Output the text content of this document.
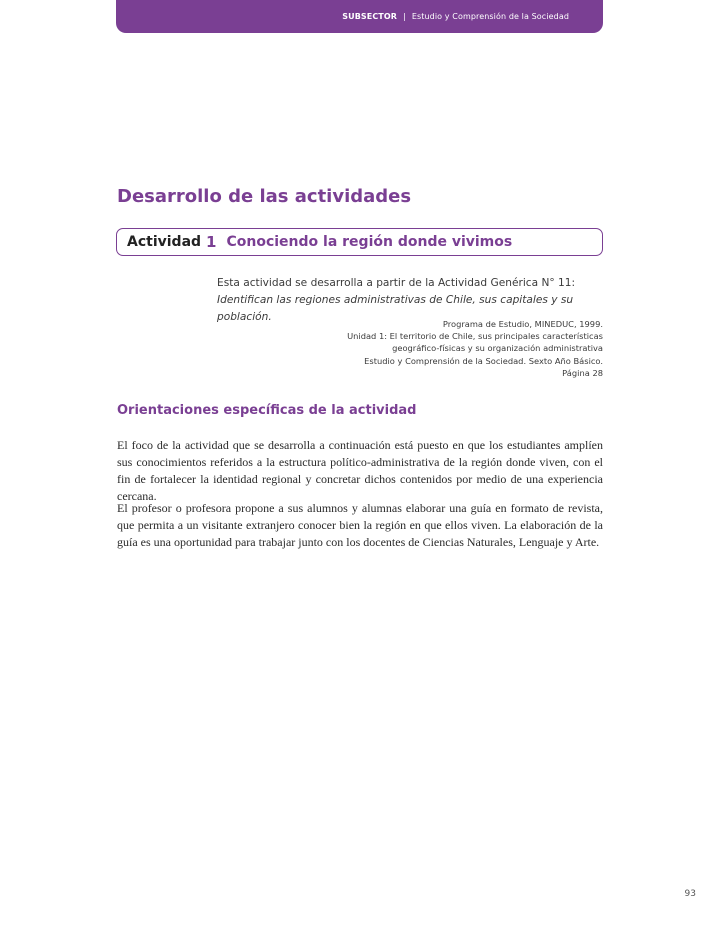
SUBSECTOR | Estudio y Comprensión de la Sociedad
Desarrollo de las actividades
Actividad 1 Conociendo la región donde vivimos
Esta actividad se desarrolla a partir de la Actividad Genérica N° 11: Identifican las regiones administrativas de Chile, sus capitales y su población.
Programa de Estudio, MINEDUC, 1999.
Unidad 1: El territorio de Chile, sus principales características
geográfico-físicas y su organización administrativa
Estudio y Comprensión de la Sociedad. Sexto Año Básico.
Página 28
Orientaciones específicas de la actividad

El foco de la actividad que se desarrolla a continuación está puesto en que los estudiantes amplíen sus conocimientos referidos a la estructura político-administrativa de la región donde viven, con el fin de fortalecer la identidad regional y concretar dichos contenidos por medio de una experiencia cercana.

El profesor o profesora propone a sus alumnos y alumnas elaborar una guía en formato de revista, que permita a un visitante extranjero conocer bien la región en que ellos viven. La elaboración de la guía es una oportunidad para trabajar junto con los docentes de Ciencias Naturales, Lenguaje y Arte.

93
